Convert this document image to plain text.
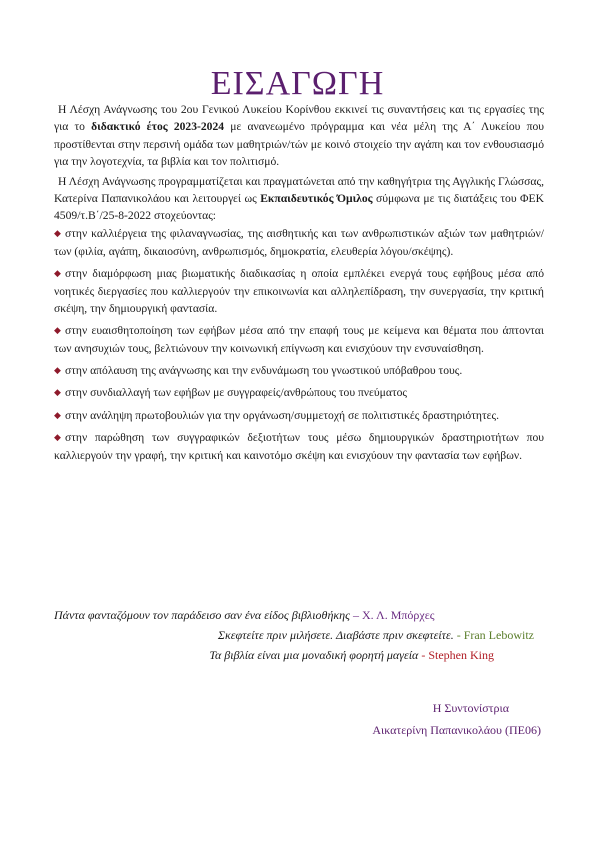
ΕΙΣΑΓΩΓΗ

Η Λέσχη Ανάγνωσης του 2ου Γενικού Λυκείου Κορίνθου εκκινεί τις συναντήσεις και τις εργασίες της για το διδακτικό έτος 2023-2024 με ανανεωμένο πρόγραμμα και νέα μέλη της Α΄ Λυκείου που προστίθενται στην περσινή ομάδα των μαθητριών/τών με κοινό στοιχείο την αγάπη και τον ενθουσιασμό για την λογοτεχνία, τα βιβλία και τον πολιτισμό.

Η Λέσχη Ανάγνωσης προγραμματίζεται και πραγματώνεται από την καθηγήτρια της Αγγλικής Γλώσσας, Κατερίνα Παπανικολάου και λειτουργεί ως Εκπαιδευτικός Όμιλος σύμφωνα με τις διατάξεις του ΦΕΚ 4509/τ.Β΄/25-8-2022 στοχεύοντας:

◆ στην καλλιέργεια της φιλαναγνωσίας, της αισθητικής και των ανθρωπιστικών αξιών των μαθητριών/των (φιλία, αγάπη, δικαιοσύνη, ανθρωπισμός, δημοκρατία, ελευθερία λόγου/σκέψης).

◆ στην διαμόρφωση μιας βιωματικής διαδικασίας η οποία εμπλέκει ενεργά τους εφήβους μέσα από νοητικές διεργασίες που καλλιεργούν την επικοινωνία και αλληλεπίδραση, την συνεργασία, την κριτική σκέψη, την δημιουργική φαντασία.

◆ στην ευαισθητοποίηση των εφήβων μέσα από την επαφή τους με κείμενα και θέματα που άπτονται των ανησυχιών τους, βελτιώνουν την κοινωνική επίγνωση και ενισχύουν την ενσυναίσθηση.

◆ στην απόλαυση της ανάγνωσης και την ενδυνάμωση του γνωστικού υπόβαθρου τους.

◆ στην συνδιαλλαγή των εφήβων με συγγραφείς/ανθρώπους του πνεύματος

◆ στην ανάληψη πρωτοβουλιών για την οργάνωση/συμμετοχή σε πολιτιστικές δραστηριότητες.

◆ στην παρώθηση των συγγραφικών δεξιοτήτων τους μέσω δημιουργικών δραστηριοτήτων που καλλιεργούν την γραφή, την κριτική και καινοτόμο σκέψη και ενισχύουν την φαντασία των εφήβων.

Πάντα φανταζόμουν τον παράδεισο σαν ένα είδος βιβλιοθήκης – Χ. Λ. Μπόρχες

Σκεφτείτε πριν μιλήσετε. Διαβάστε πριν σκεφτείτε. - Fran Lebowitz

Τα βιβλία είναι μια μοναδική φορητή μαγεία - Stephen King

Η Συντονίστρια
Αικατερίνη Παπανικολάου (ΠΕ06)
